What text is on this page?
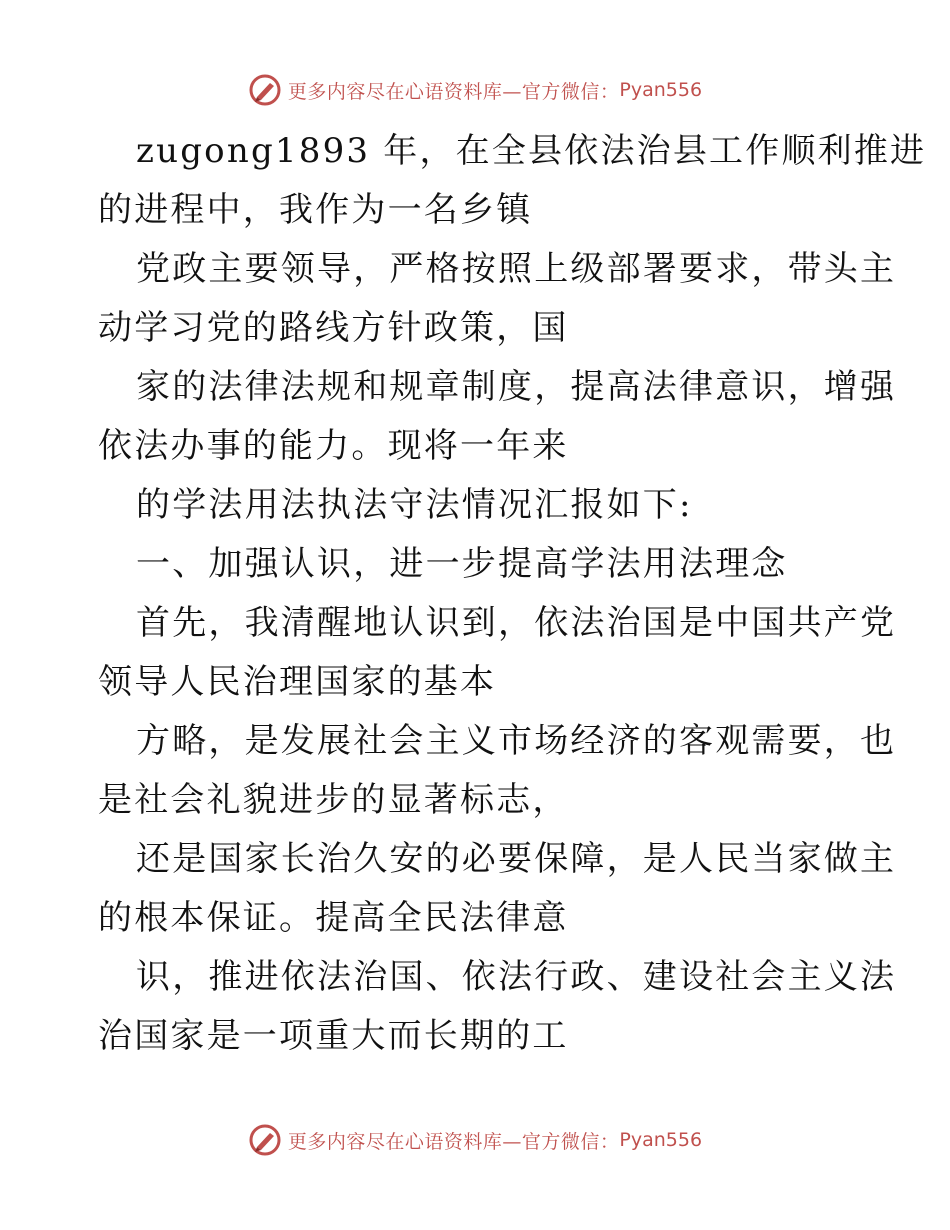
更多内容尽在心语资料库—官方微信： Pyan556
zugong1893 年，在全县依法治县工作顺利推进
的进程中，我作为一名乡镇
党政主要领导，严格按照上级部署要求，带头主
动学习党的路线方针政策，国
家的法律法规和规章制度，提高法律意识，增强
依法办事的能力。现将一年来
的学法用法执法守法情况汇报如下:
一、加强认识，进一步提高学法用法理念
首先，我清醒地认识到，依法治国是中国共产党
领导人民治理国家的基本
方略，是发展社会主义市场经济的客观需要，也
是社会礼貌进步的显著标志，
还是国家长治久安的必要保障，是人民当家做主
的根本保证。提高全民法律意
识，推进依法治国、依法行政、建设社会主义法
治国家是一项重大而长期的工
更多内容尽在心语资料库—官方微信： Pyan556
